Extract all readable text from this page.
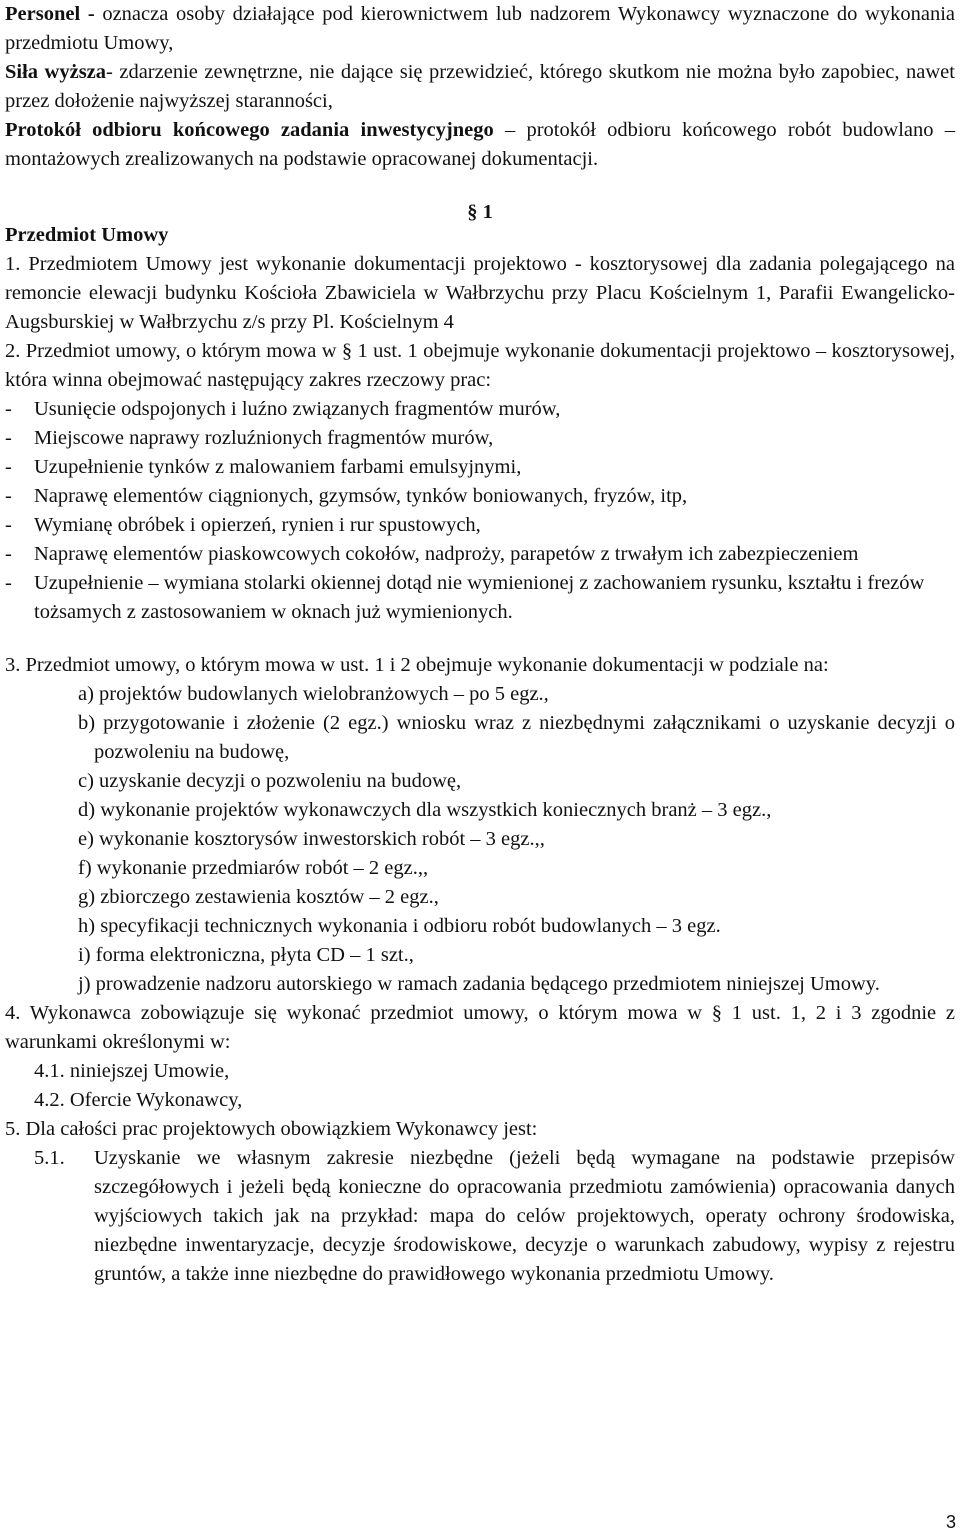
Personel - oznacza osoby działające pod kierownictwem lub nadzorem Wykonawcy wyznaczone do wykonania przedmiotu Umowy,

Siła wyższa- zdarzenie zewnętrzne, nie dające się przewidzieć, którego skutkom nie można było zapobiec, nawet przez dołożenie najwyższej staranności,

Protokół odbioru końcowego zadania inwestycyjnego – protokół odbioru końcowego robót budowlano – montażowych zrealizowanych na podstawie opracowanej dokumentacji.

§ 1
Przedmiot Umowy
1. Przedmiotem Umowy jest wykonanie dokumentacji projektowo - kosztorysowej dla zadania polegającego na remoncie elewacji budynku Kościoła Zbawiciela w Wałbrzychu przy Placu Kościelnym 1, Parafii Ewangelicko-Augsburskiej w Wałbrzychu z/s przy Pl. Kościelnym 4
2. Przedmiot umowy, o którym mowa w § 1 ust. 1 obejmuje wykonanie dokumentacji projektowo – kosztorysowej, która winna obejmować następujący zakres rzeczowy prac:
-	Usunięcie odspojonych i luźno związanych fragmentów murów,
-	Miejscowe naprawy rozluźnionych fragmentów murów,
-	Uzupełnienie tynków z malowaniem farbami emulsyjnymi,
-	Naprawę elementów ciągnionych, gzymsów, tynków boniowanych, fryzów, itp,
-	Wymianę obróbek i opierzeń, rynien i rur spustowych,
-	Naprawę elementów piaskowcowych cokołów, nadproży, parapetów z trwałym ich zabezpieczeniem
-	Uzupełnienie – wymiana stolarki okiennej dotąd nie wymienionej z zachowaniem rysunku, kształtu i frezów tożsamych z zastosowaniem w oknach już wymienionych.
3. Przedmiot umowy, o którym mowa w ust. 1 i 2 obejmuje wykonanie dokumentacji w podziale na:
a) projektów budowlanych wielobranżowych – po 5 egz.,
b) przygotowanie i złożenie (2 egz.) wniosku wraz z niezbędnymi załącznikami o uzyskanie decyzji o pozwoleniu na budowę,
c) uzyskanie decyzji o pozwoleniu na budowę,
d) wykonanie projektów wykonawczych dla wszystkich koniecznych branż – 3 egz.,
e) wykonanie kosztorysów inwestorskich robót – 3 egz.,,
f) wykonanie przedmiarów robót – 2 egz.,,
g) zbiorczego zestawienia kosztów – 2 egz.,
h) specyfikacji technicznych wykonania i odbioru robót budowlanych – 3 egz.
i) forma elektroniczna, płyta CD – 1 szt.,
j) prowadzenie nadzoru autorskiego w ramach zadania będącego przedmiotem niniejszej Umowy.
4. Wykonawca zobowiązuje się wykonać przedmiot umowy, o którym mowa w § 1 ust. 1, 2 i 3 zgodnie z warunkami określonymi w:
4.1. niniejszej Umowie,
4.2. Ofercie Wykonawcy,
5. Dla całości prac projektowych obowiązkiem Wykonawcy jest:
5.1.	Uzyskanie we własnym zakresie niezbędne (jeżeli będą wymagane na podstawie przepisów szczegółowych i jeżeli będą konieczne do opracowania przedmiotu zamówienia) opracowania danych wyjściowych takich jak na przykład: mapa do celów projektowych, operaty ochrony środowiska, niezbędne inwentaryzacje, decyzje środowiskowe, decyzje o warunkach zabudowy, wypisy z rejestru gruntów, a także inne niezbędne do prawidłowego wykonania przedmiotu Umowy.
3
